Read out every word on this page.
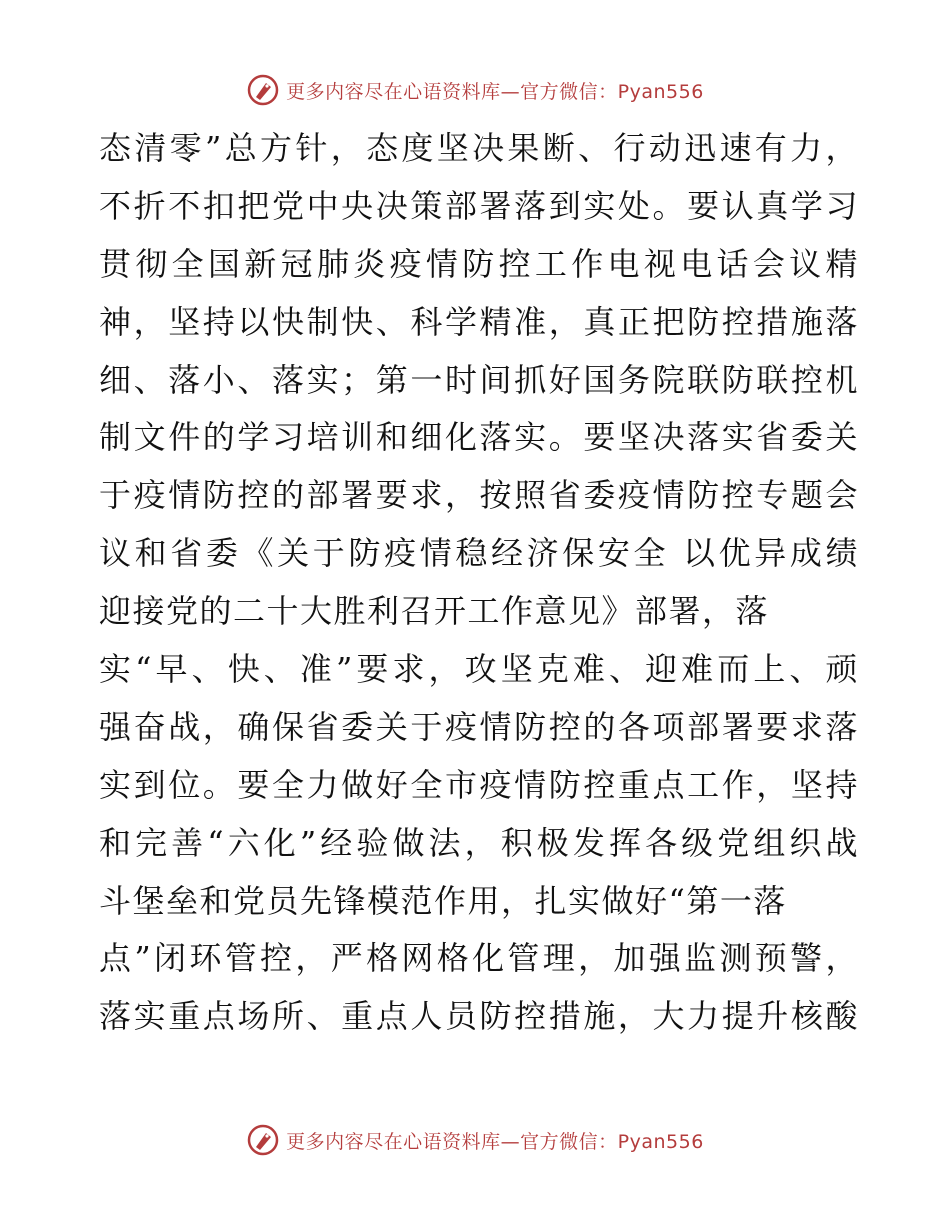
更多内容尽在心语资料库—官方微信：Pyan556
态清零”总方针，态度坚决果断、行动迅速有力，
不折不扣把党中央决策部署落到实处。要认真学习
贯彻全国新冠肺炎疫情防控工作电视电话会议精
神，坚持以快制快、科学精准，真正把防控措施落
细、落小、落实；第一时间抓好国务院联防联控机
制文件的学习培训和细化落实。要坚决落实省委关
于疫情防控的部署要求，按照省委疫情防控专题会
议和省委《关于防疫情稳经济保安全 以优异成绩
迎接党的二十大胜利召开工作意见》部署，落
实“早、快、准”要求，攻坚克难、迎难而上、顽
强奋战，确保省委关于疫情防控的各项部署要求落
实到位。要全力做好全市疫情防控重点工作，坚持
和完善“六化”经验做法，积极发挥各级党组织战
斗堡垒和党员先锋模范作用，扎实做好“第一落
点”闭环管控，严格网格化管理，加强监测预警，
落实重点场所、重点人员防控措施，大力提升核酸
更多内容尽在心语资料库—官方微信：Pyan556
